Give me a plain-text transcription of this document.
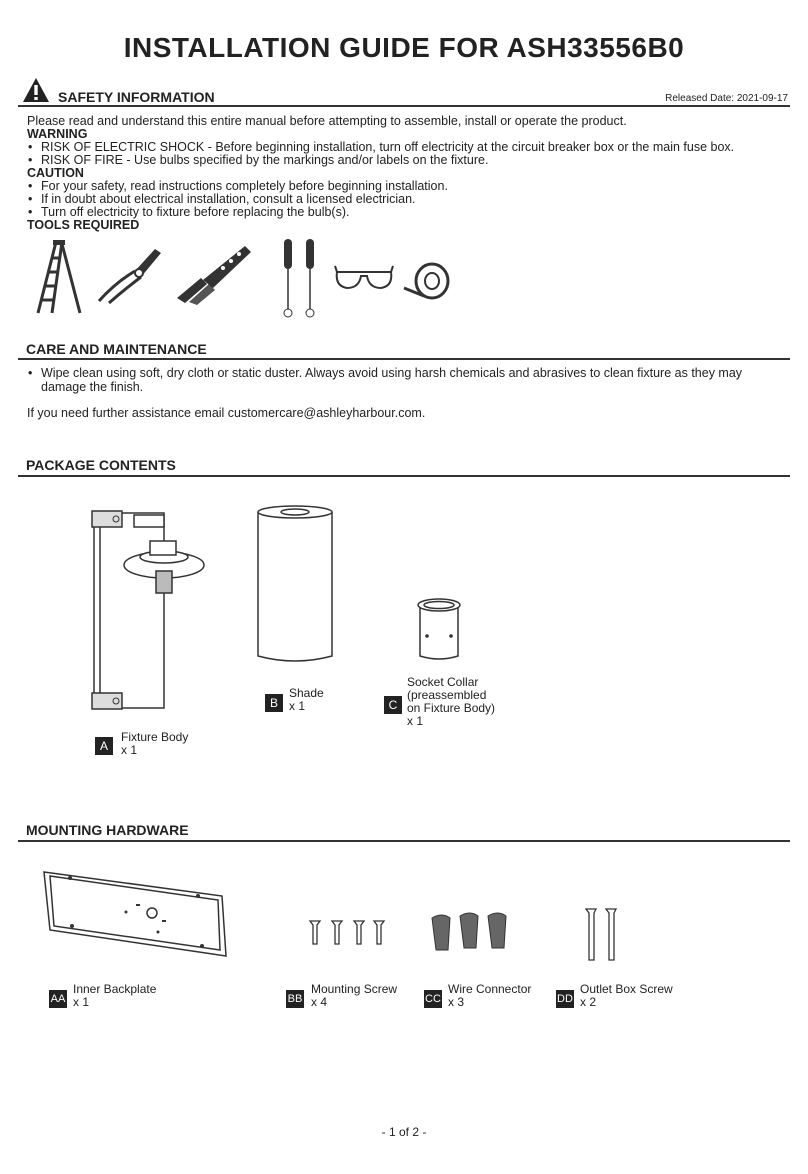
INSTALLATION GUIDE FOR ASH33556B0
SAFETY INFORMATION	Released Date: 2021-09-17
Please read and understand this entire manual before attempting to assemble, install or operate the product.
WARNING
• RISK OF ELECTRIC SHOCK - Before beginning installation, turn off electricity at the circuit breaker box or the main fuse box.
• RISK OF FIRE - Use bulbs specified by the markings and/or labels on the fixture.
CAUTION
• For your safety, read instructions completely before beginning installation.
• If in doubt about electrical installation, consult a licensed electrician.
• Turn off electricity to fixture before replacing the bulb(s).
TOOLS REQUIRED
CARE AND MAINTENANCE
• Wipe clean using soft, dry cloth or static duster. Always avoid using harsh chemicals and abrasives to clean fixture as they may damage the finish.
If you need further assistance email customercare@ashleyharbour.com.
PACKAGE CONTENTS
A
Fixture Body
x 1
B
Shade
x 1	C
Socket Collar
(preassembled
on Fixture Body)
x 1
MOUNTING HARDWARE
AA
Inner Backplate
x 1	BB
Mounting Screw
x 4	CC
Wire Connector
x 3	DD
Outlet Box Screw
x 2
- 1 of 2 -
